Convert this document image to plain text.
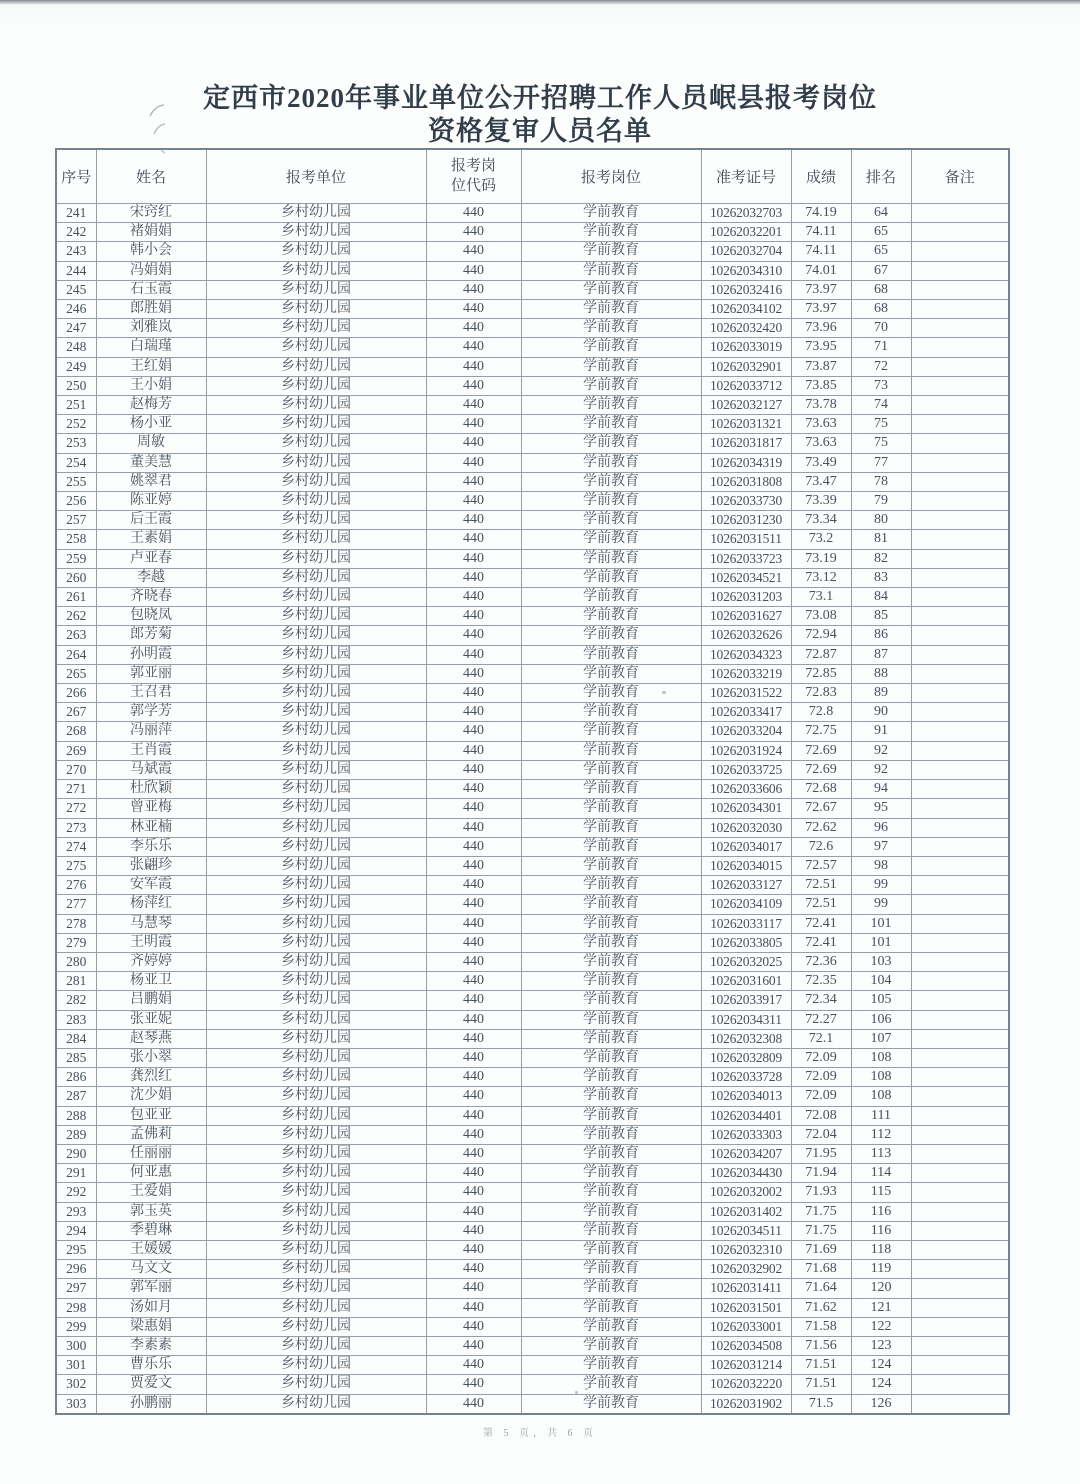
定西市2020年事业单位公开招聘工作人员岷县报考岗位
资格复审人员名单
序号	姓名	报考单位	报考岗位代码	报考岗位	准考证号	成绩	排名	备注
241	宋窍红	乡村幼儿园	440	学前教育	10262032703	74.19	64	
242	褚娟娟	乡村幼儿园	440	学前教育	10262032201	74.11	65	
243	韩小会	乡村幼儿园	440	学前教育	10262032704	74.11	65	
244	冯娟娟	乡村幼儿园	440	学前教育	10262034310	74.01	67	
245	石玉霞	乡村幼儿园	440	学前教育	10262032416	73.97	68	
246	郎胜娟	乡村幼儿园	440	学前教育	10262034102	73.97	68	
247	刘雅岚	乡村幼儿园	440	学前教育	10262032420	73.96	70	
248	白瑞瑾	乡村幼儿园	440	学前教育	10262033019	73.95	71	
249	王红娟	乡村幼儿园	440	学前教育	10262032901	73.87	72	
250	王小娟	乡村幼儿园	440	学前教育	10262033712	73.85	73	
251	赵梅芳	乡村幼儿园	440	学前教育	10262032127	73.78	74	
252	杨小亚	乡村幼儿园	440	学前教育	10262031321	73.63	75	
253	周敏	乡村幼儿园	440	学前教育	10262031817	73.63	75	
254	董美慧	乡村幼儿园	440	学前教育	10262034319	73.49	77	
255	姚翠君	乡村幼儿园	440	学前教育	10262031808	73.47	78	
256	陈亚婷	乡村幼儿园	440	学前教育	10262033730	73.39	79	
257	后王霞	乡村幼儿园	440	学前教育	10262031230	73.34	80	
258	王素娟	乡村幼儿园	440	学前教育	10262031511	73.2	81	
259	卢亚春	乡村幼儿园	440	学前教育	10262033723	73.19	82	
260	李越	乡村幼儿园	440	学前教育	10262034521	73.12	83	
261	齐晓春	乡村幼儿园	440	学前教育	10262031203	73.1	84	
262	包晓凤	乡村幼儿园	440	学前教育	10262031627	73.08	85	
263	郎芳菊	乡村幼儿园	440	学前教育	10262032626	72.94	86	
264	孙明霞	乡村幼儿园	440	学前教育	10262034323	72.87	87	
265	郭亚丽	乡村幼儿园	440	学前教育	10262033219	72.85	88	
266	王召君	乡村幼儿园	440	学前教育	10262031522	72.83	89	
267	郭学芳	乡村幼儿园	440	学前教育	10262033417	72.8	90	
268	冯丽萍	乡村幼儿园	440	学前教育	10262033204	72.75	91	
269	王肖霞	乡村幼儿园	440	学前教育	10262031924	72.69	92	
270	马斌霞	乡村幼儿园	440	学前教育	10262033725	72.69	92	
271	杜欣颖	乡村幼儿园	440	学前教育	10262033606	72.68	94	
272	曾亚梅	乡村幼儿园	440	学前教育	10262034301	72.67	95	
273	林亚楠	乡村幼儿园	440	学前教育	10262032030	72.62	96	
274	李乐乐	乡村幼儿园	440	学前教育	10262034017	72.6	97	
275	张翩珍	乡村幼儿园	440	学前教育	10262034015	72.57	98	
276	安军霞	乡村幼儿园	440	学前教育	10262033127	72.51	99	
277	杨萍红	乡村幼儿园	440	学前教育	10262034109	72.51	99	
278	马慧琴	乡村幼儿园	440	学前教育	10262033117	72.41	101	
279	王明霞	乡村幼儿园	440	学前教育	10262033805	72.41	101	
280	齐婷婷	乡村幼儿园	440	学前教育	10262032025	72.36	103	
281	杨亚卫	乡村幼儿园	440	学前教育	10262031601	72.35	104	
282	吕鹏娟	乡村幼儿园	440	学前教育	10262033917	72.34	105	
283	张亚妮	乡村幼儿园	440	学前教育	10262034311	72.27	106	
284	赵琴燕	乡村幼儿园	440	学前教育	10262032308	72.1	107	
285	张小翠	乡村幼儿园	440	学前教育	10262032809	72.09	108	
286	龚烈红	乡村幼儿园	440	学前教育	10262033728	72.09	108	
287	沈少娟	乡村幼儿园	440	学前教育	10262034013	72.09	108	
288	包亚亚	乡村幼儿园	440	学前教育	10262034401	72.08	111	
289	孟佛莉	乡村幼儿园	440	学前教育	10262033303	72.04	112	
290	任丽丽	乡村幼儿园	440	学前教育	10262034207	71.95	113	
291	何亚惠	乡村幼儿园	440	学前教育	10262034430	71.94	114	
292	王爱娟	乡村幼儿园	440	学前教育	10262032002	71.93	115	
293	郭玉英	乡村幼儿园	440	学前教育	10262031402	71.75	116	
294	季碧琳	乡村幼儿园	440	学前教育	10262034511	71.75	116	
295	王媛媛	乡村幼儿园	440	学前教育	10262032310	71.69	118	
296	马文文	乡村幼儿园	440	学前教育	10262032902	71.68	119	
297	郭军丽	乡村幼儿园	440	学前教育	10262031411	71.64	120	
298	汤如月	乡村幼儿园	440	学前教育	10262031501	71.62	121	
299	梁惠娟	乡村幼儿园	440	学前教育	10262033001	71.58	122	
300	李素素	乡村幼儿园	440	学前教育	10262034508	71.56	123	
301	曹乐乐	乡村幼儿园	440	学前教育	10262031214	71.51	124	
302	贾爱文	乡村幼儿园	440	学前教育	10262032220	71.51	124	
303	孙鹏丽	乡村幼儿园	440	学前教育	10262031902	71.5	126	
第 5 页，共 6 页
